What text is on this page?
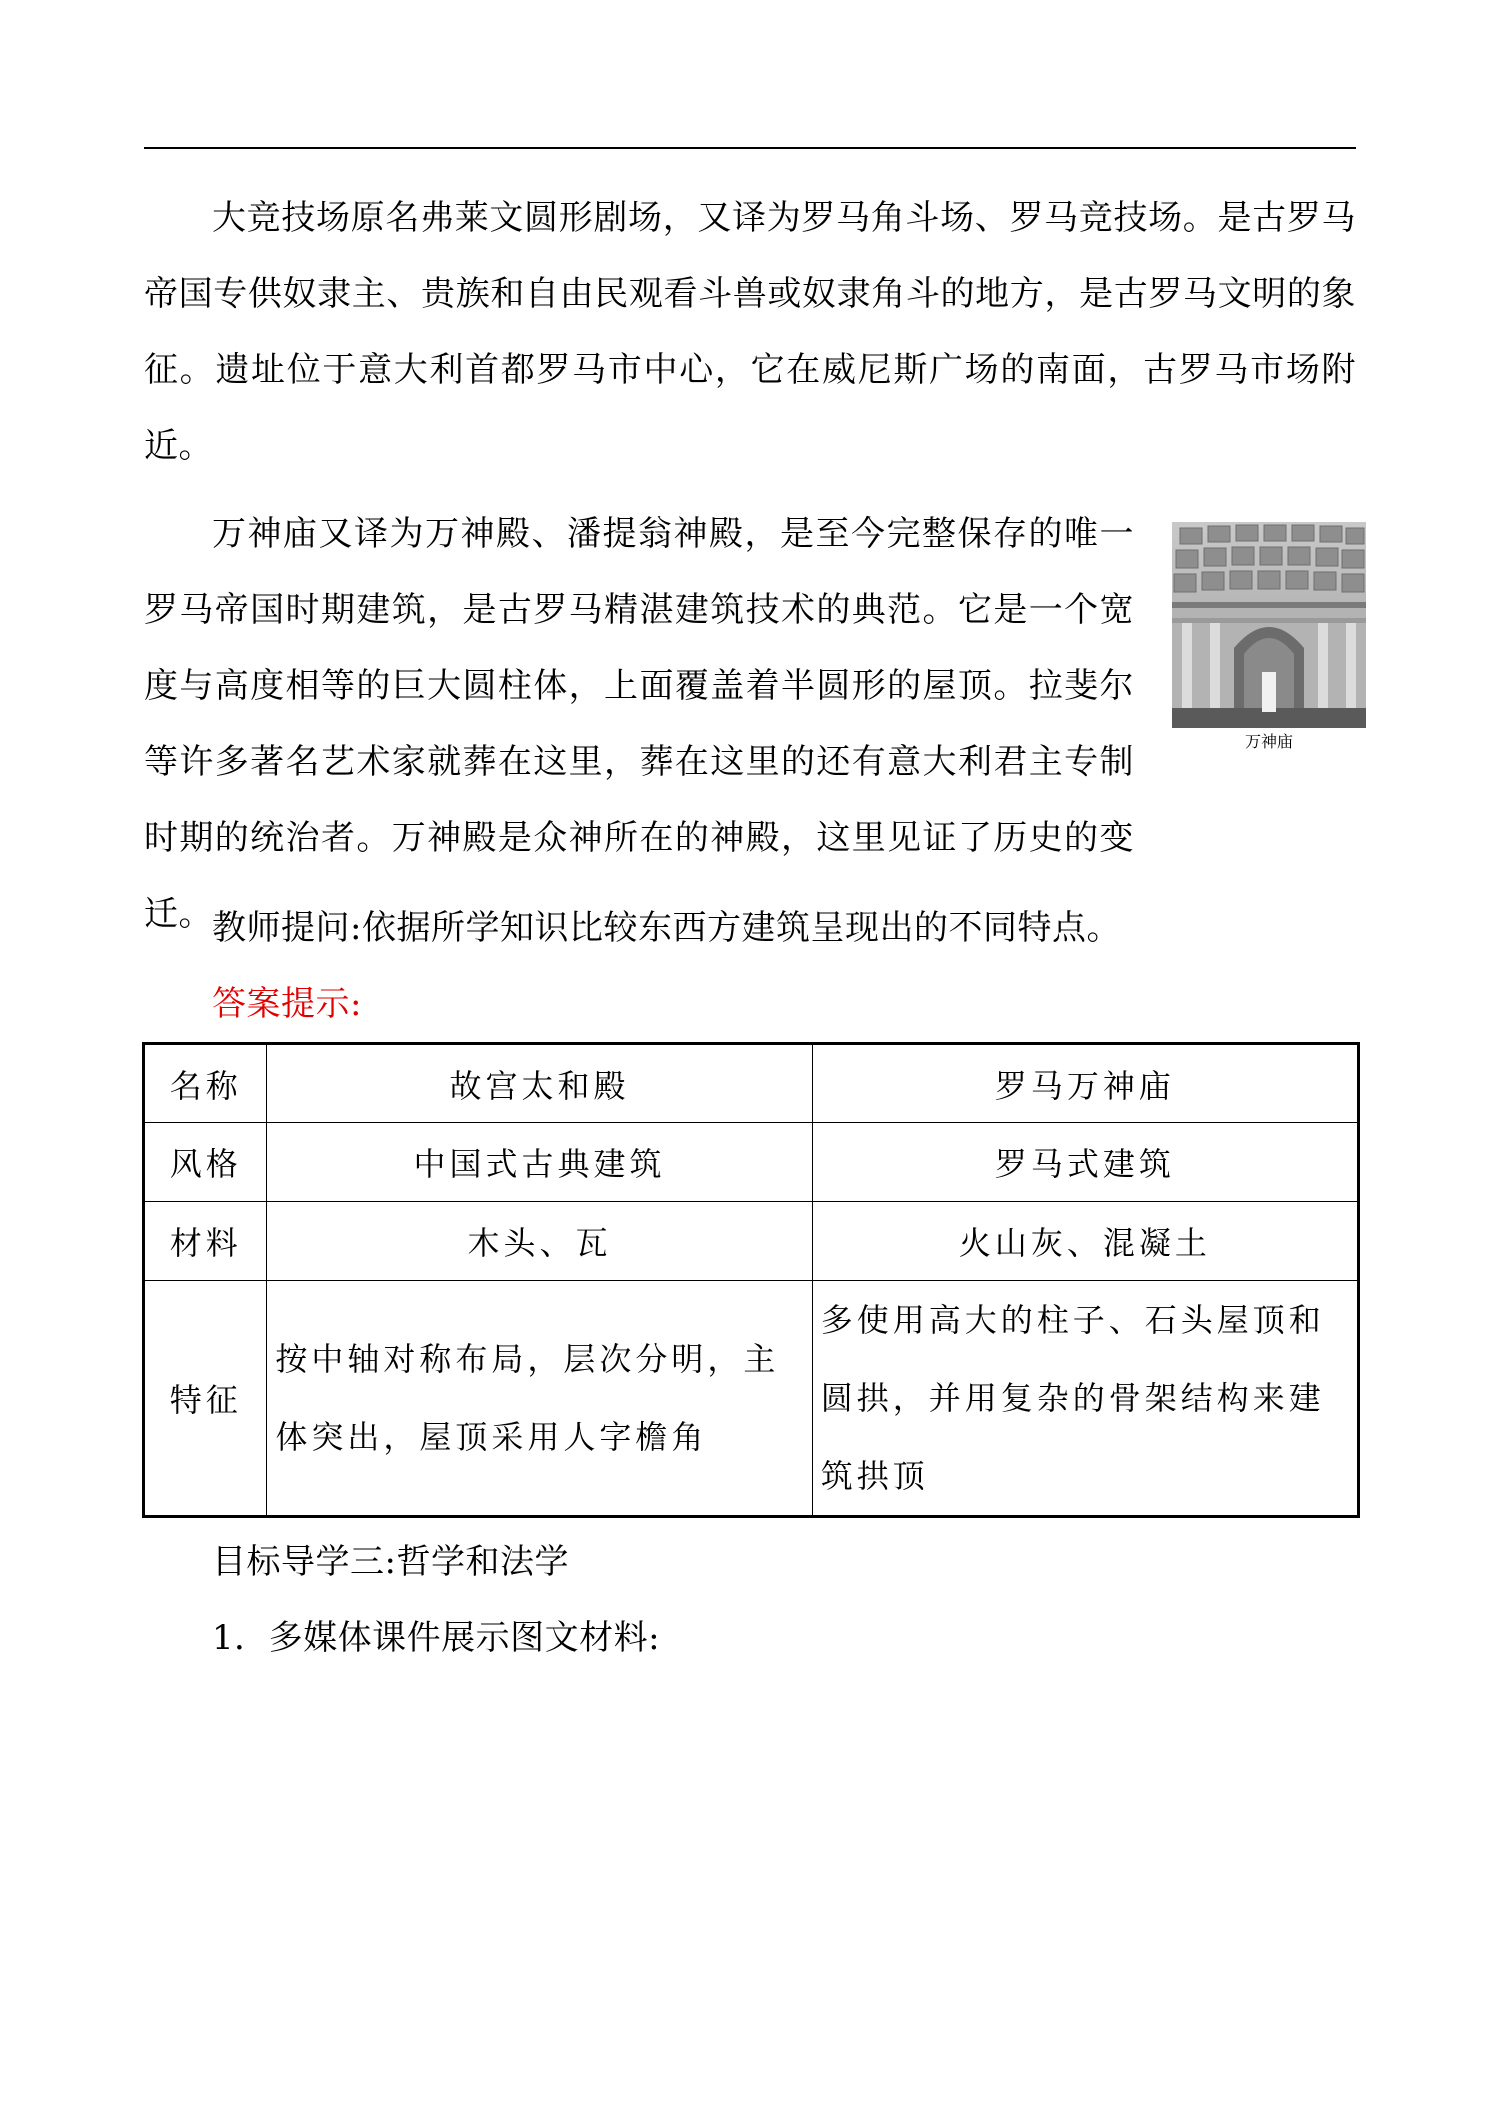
大竞技场原名弗莱文圆形剧场，又译为罗马角斗场、罗马竞技场。是古罗马帝国专供奴隶主、贵族和自由民观看斗兽或奴隶角斗的地方，是古罗马文明的象征。遗址位于意大利首都罗马市中心，它在威尼斯广场的南面，古罗马市场附近。

万神庙又译为万神殿、潘提翁神殿，是至今完整保存的唯一罗马帝国时期建筑，是古罗马精湛建筑技术的典范。它是一个宽度与高度相等的巨大圆柱体，上面覆盖着半圆形的屋顶。拉斐尔等许多著名艺术家就葬在这里，葬在这里的还有意大利君主专制时期的统治者。万神殿是众神所在的神殿，这里见证了历史的变迁。

万神庙

教师提问:依据所学知识比较东西方建筑呈现出的不同特点。

答案提示:

名称	故宫太和殿	罗马万神庙
风格	中国式古典建筑	罗马式建筑
材料	木头、瓦	火山灰、混凝土
特征	按中轴对称布局，层次分明，主体突出，屋顶采用人字檐角	多使用高大的柱子、石头屋顶和圆拱，并用复杂的骨架结构来建筑拱顶

目标导学三:哲学和法学

1．多媒体课件展示图文材料:
